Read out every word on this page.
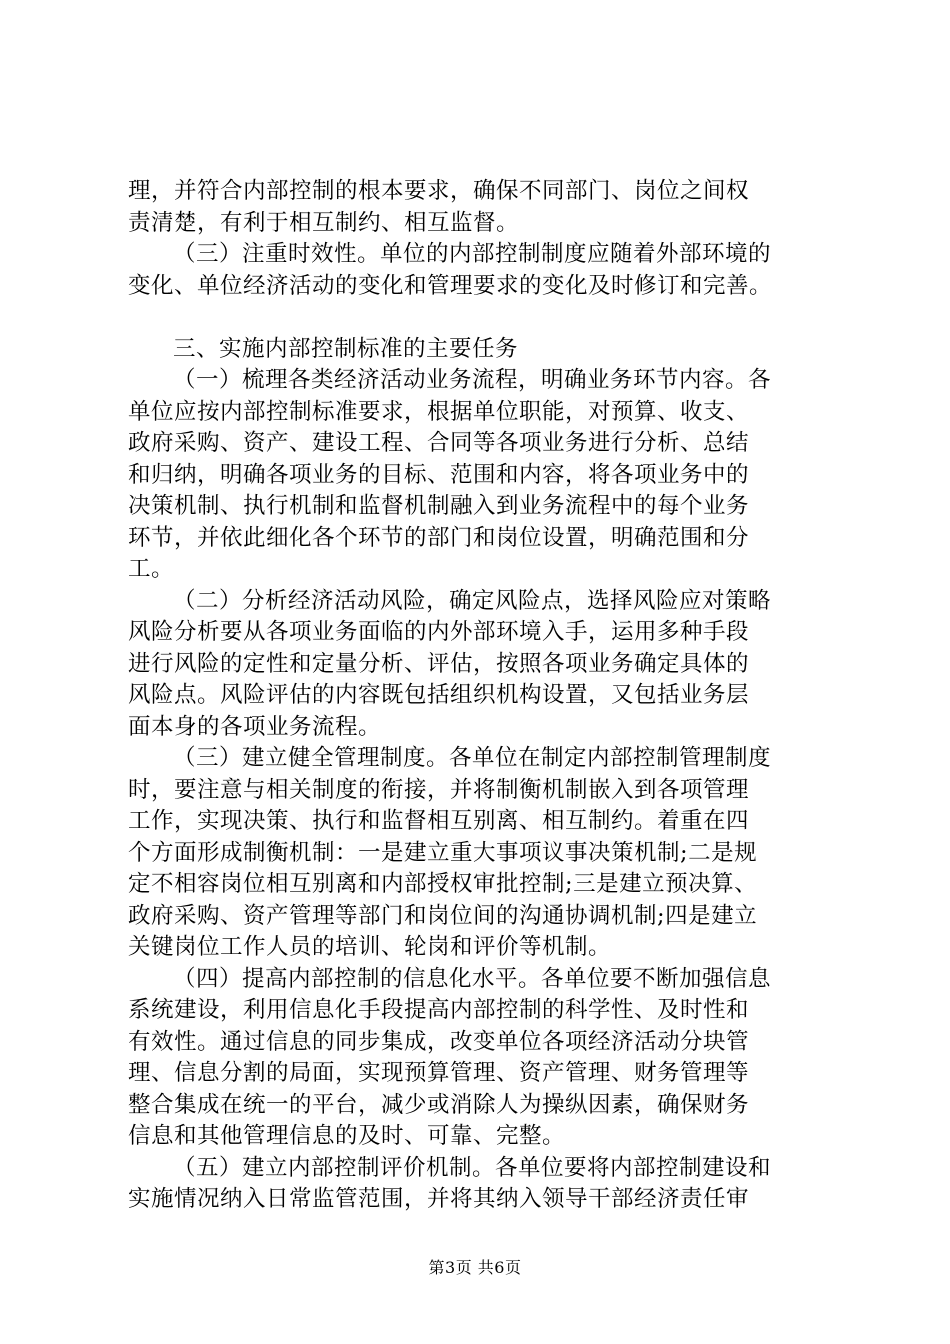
理，并符合内部控制的根本要求，确保不同部门、岗位之间权
责清楚，有利于相互制约、相互监督。
（三）注重时效性。单位的内部控制制度应随着外部环境的
变化、单位经济活动的变化和管理要求的变化及时修订和完善。
三、实施内部控制标准的主要任务
（一）梳理各类经济活动业务流程，明确业务环节内容。各
单位应按内部控制标准要求，根据单位职能，对预算、收支、
政府采购、资产、建设工程、合同等各项业务进行分析、总结
和归纳，明确各项业务的目标、范围和内容，将各项业务中的
决策机制、执行机制和监督机制融入到业务流程中的每个业务
环节，并依此细化各个环节的部门和岗位设置，明确范围和分
工。
（二）分析经济活动风险，确定风险点，选择风险应对策略
风险分析要从各项业务面临的内外部环境入手，运用多种手段
进行风险的定性和定量分析、评估，按照各项业务确定具体的
风险点。风险评估的内容既包括组织机构设置，又包括业务层
面本身的各项业务流程。
（三）建立健全管理制度。各单位在制定内部控制管理制度
时，要注意与相关制度的衔接，并将制衡机制嵌入到各项管理
工作，实现决策、执行和监督相互别离、相互制约。着重在四
个方面形成制衡机制：一是建立重大事项议事决策机制;二是规
定不相容岗位相互别离和内部授权审批控制;三是建立预决算、
政府采购、资产管理等部门和岗位间的沟通协调机制;四是建立
关键岗位工作人员的培训、轮岗和评价等机制。
（四）提高内部控制的信息化水平。各单位要不断加强信息
系统建设，利用信息化手段提高内部控制的科学性、及时性和
有效性。通过信息的同步集成，改变单位各项经济活动分块管
理、信息分割的局面，实现预算管理、资产管理、财务管理等
整合集成在统一的平台，减少或消除人为操纵因素，确保财务
信息和其他管理信息的及时、可靠、完整。
（五）建立内部控制评价机制。各单位要将内部控制建设和
实施情况纳入日常监管范围，并将其纳入领导干部经济责任审
第3页 共6页
